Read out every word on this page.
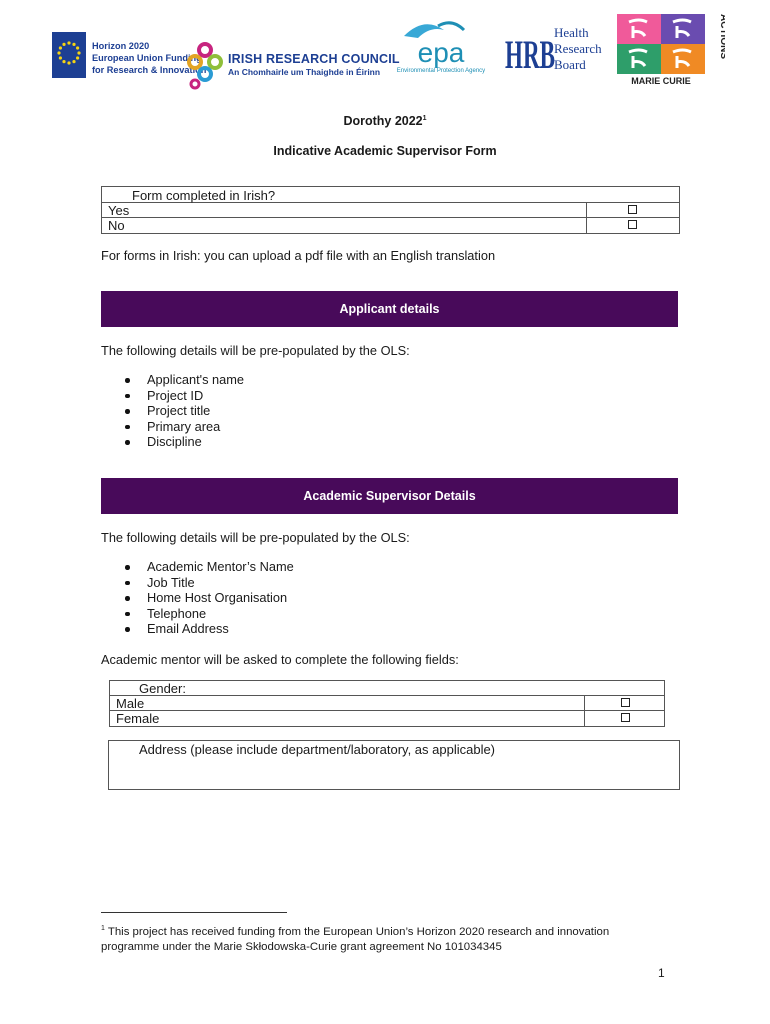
Horizon 2020
European Union Funding
for Research & Innovation
IRISH RESEARCH COUNCIL
An Chomhairle um Thaighde in Éirinn
epa
Environmental Protection Agency HRB Health
Research
Board
MARIE CURIE
ACTIONS
Dorothy 2022$^1$
Indicative Academic Supervisor Form
Form completed in Irish?
Yes
No
For forms in Irish: you can upload a pdf file with an English translation
Applicant details
The following details will be pre-populated by the OLS:
Applicant's name
Project ID
Project title
Primary area
Discipline
Academic Supervisor Details
The following details will be pre-populated by the OLS:
Academic Mentor’s Name
Job Title
Home Host Organisation
Telephone
Email Address
Academic mentor will be asked to complete the following fields:
Gender:
Male
Female
Address (please include department/laboratory, as applicable)
$^1$ This project has received funding from the European Union’s Horizon 2020 research and innovation programme under the Marie Skłodowska-Curie grant agreement No 101034345
1
